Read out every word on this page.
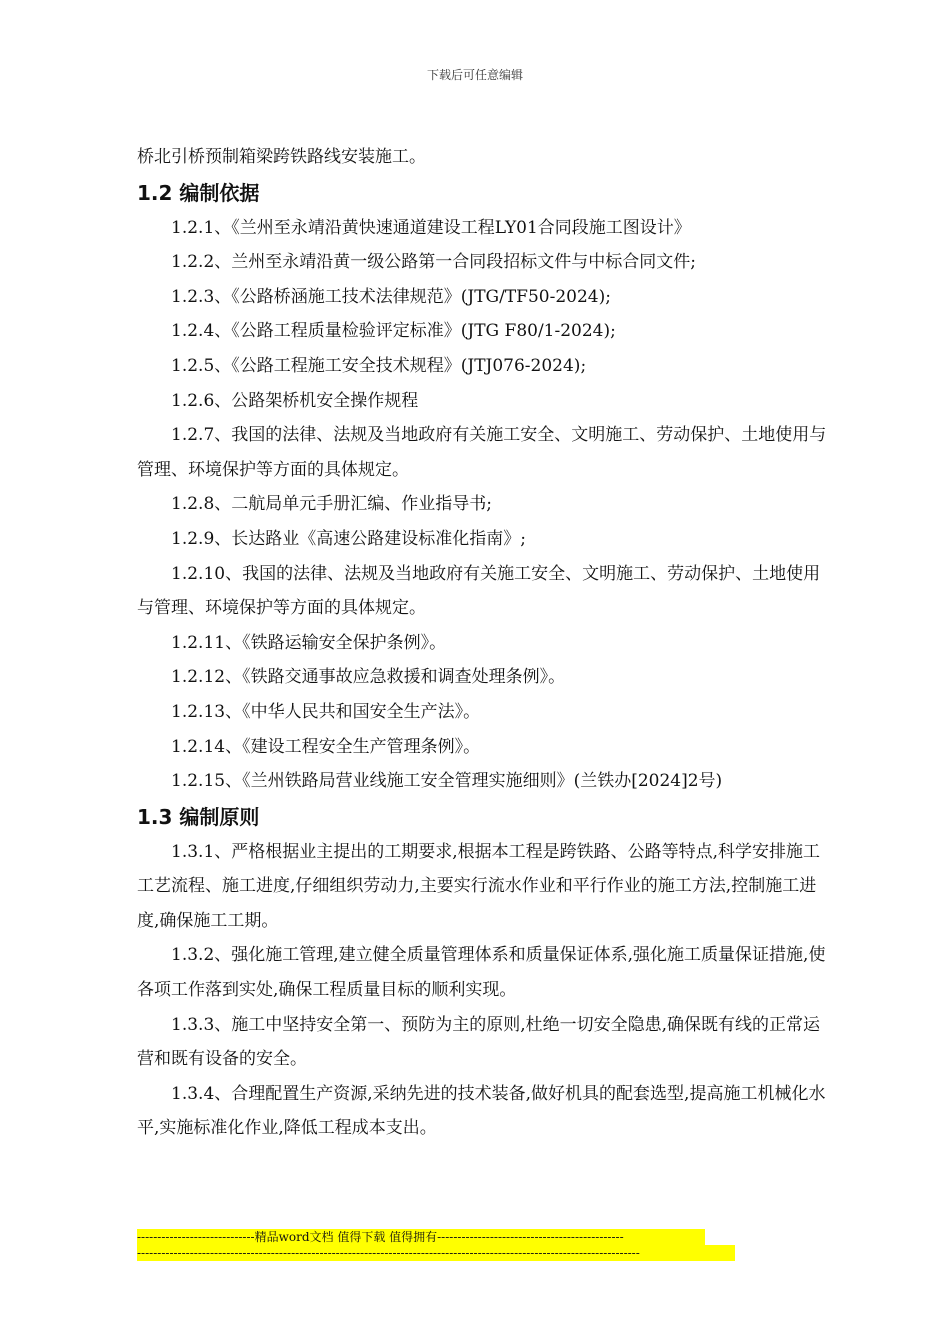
下载后可任意编辑

桥北引桥预制箱梁跨铁路线安装施工。

1.2 编制依据

1.2.1、《兰州至永靖沿黄快速通道建设工程LY01合同段施工图设计》

1.2.2、兰州至永靖沿黄一级公路第一合同段招标文件与中标合同文件;

1.2.3、《公路桥涵施工技术法律规范》(JTG/TF50-2024);

1.2.4、《公路工程质量检验评定标准》(JTG F80/1-2024);

1.2.5、《公路工程施工安全技术规程》(JTJ076-2024);

1.2.6、公路架桥机安全操作规程

1.2.7、我国的法律、法规及当地政府有关施工安全、文明施工、劳动保护、土地使用与管理、环境保护等方面的具体规定。

1.2.8、二航局单元手册汇编、作业指导书;

1.2.9、长达路业《高速公路建设标准化指南》;

1.2.10、我国的法律、法规及当地政府有关施工安全、文明施工、劳动保护、土地使用与管理、环境保护等方面的具体规定。

1.2.11、《铁路运输安全保护条例》。

1.2.12、《铁路交通事故应急救援和调查处理条例》。

1.2.13、《中华人民共和国安全生产法》。

1.2.14、《建设工程安全生产管理条例》。

1.2.15、《兰州铁路局营业线施工安全管理实施细则》(兰铁办[2024]2号)

1.3 编制原则

1.3.1、严格根据业主提出的工期要求,根据本工程是跨铁路、公路等特点,科学安排施工工艺流程、施工进度,仔细组织劳动力,主要实行流水作业和平行作业的施工方法,控制施工进度,确保施工工期。

1.3.2、强化施工管理,建立健全质量管理体系和质量保证体系,强化施工质量保证措施,使各项工作落到实处,确保工程质量目标的顺利实现。

1.3.3、施工中坚持安全第一、预防为主的原则,杜绝一切安全隐患,确保既有线的正常运营和既有设备的安全。

1.3.4、合理配置生产资源,采纳先进的技术装备,做好机具的配套选型,提高施工机械化水平,实施标准化作业,降低工程成本支出。

-----------------------------精品word文档 值得下载 值得拥有----------------------------------------------
----------------------------------------------------------------------------------------------------------------------------
